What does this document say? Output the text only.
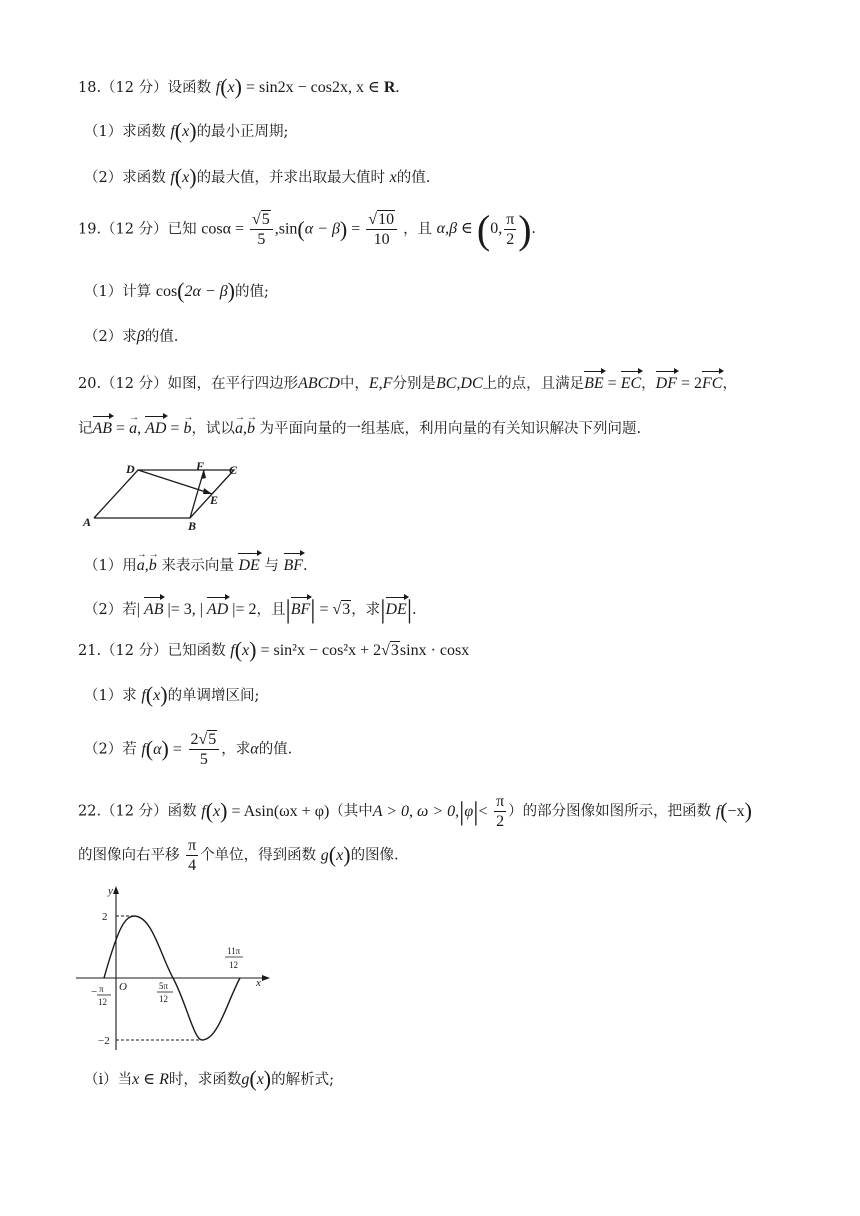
18.（12 分）设函数 f(x) = sin2x − cos2x, x ∈ R.
（1）求函数 f(x)的最小正周期;
（2）求函数 f(x)的最大值，并求出取最大值时 x的值.
19.（12 分）已知 $\cos\alpha = \frac{√5}{5} ,\sin(\alpha - \beta) = \frac{√10}{10}$ ，且 α,β ∈ (0, $\frac{\pi}{2}$ ).
（1）计算 cos(2α − β)的值;
（2）求β的值.
20.（12 分）如图，在平行四边形ABCD中，E,F分别是BC,DC上的点，且满足BE = EC，DF = 2FC，
记AB = → a, AD = → b，试以→ a,→ b 为平面向量的一组基底，利用向量的有关知识解决下列问题.
A	B
C
D
E
F
（1）用→ a,→ b 来表示向量 DE 与 BF.
（2）若| AB |= 3, | AD |= 2，且|BF| = √3，求|DE|.
21.（12 分）已知函数 f(x) = sin²x − cos²x + 2√3sinx · cosx
（1）求 f(x)的单调增区间;
（2）若 $f(\alpha) = \frac{2√5}{5}$ ，求α的值.
22.（12 分）函数 f(x) = Asin(ωx + φ)（其中A > 0, $\omega > 0,|\varphi|< \frac{\pi}{2}$ ）的部分图像如图所示，把函数 f(−x)
的图像向右平移 $\frac{\pi}{4}$ 个单位，得到函数 g(x)的图像.
y
x
O
2
−2
− π
12
5π
12
11π
12
（i）当x ∈ R时，求函数g(x)的解析式;
